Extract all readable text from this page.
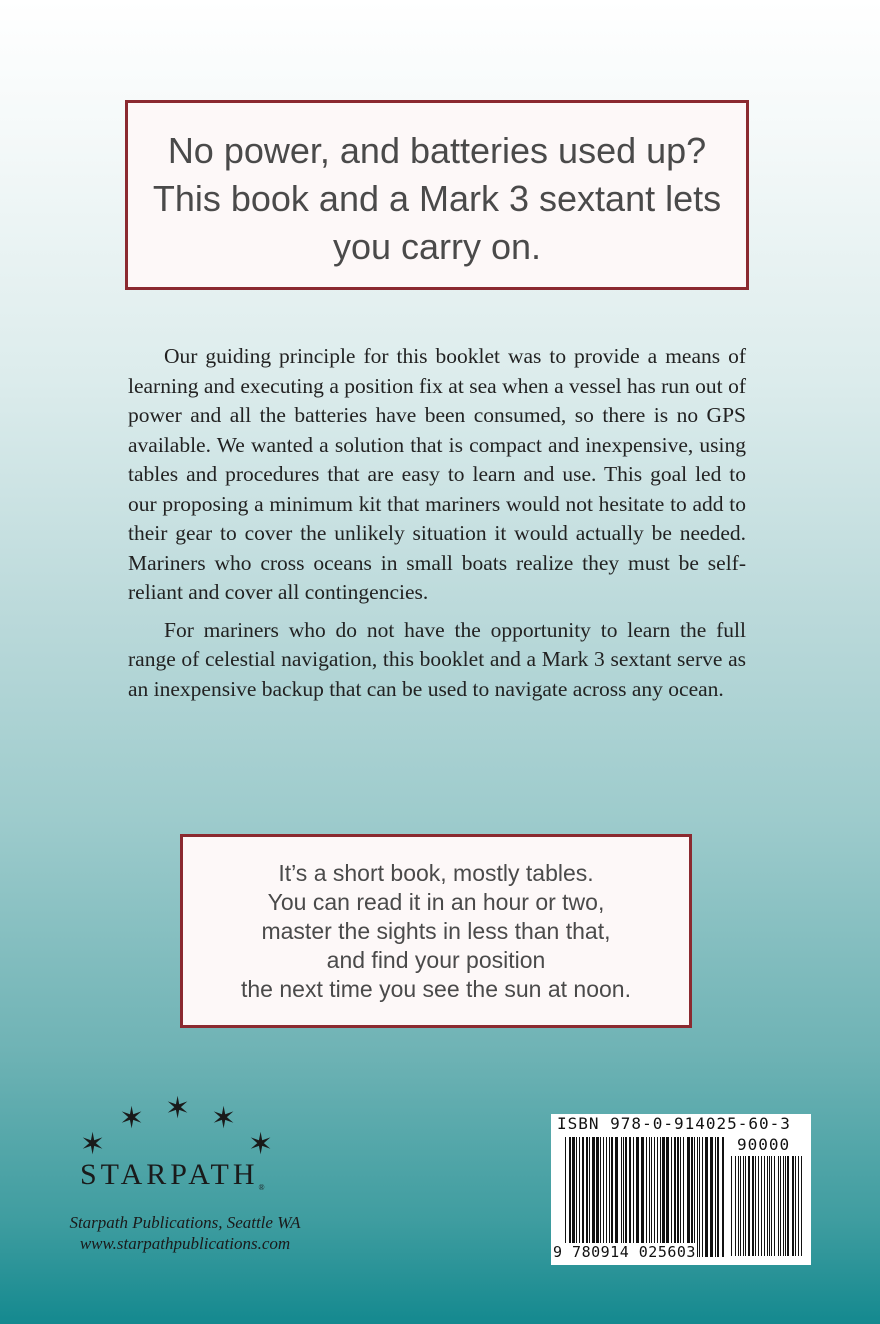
No power, and batteries used up?
This book and a Mark 3 sextant lets
you carry on.

Our guiding principle for this booklet was to provide a means of learning and executing a position fix at sea when a vessel has run out of power and all the batteries have been consumed, so there is no GPS available. We wanted a solution that is compact and inexpensive, using tables and procedures that are easy to learn and use. This goal led to our proposing a minimum kit that mariners would not hesitate to add to their gear to cover the unlikely situation it would actually be needed. Mariners who cross oceans in small boats realize they must be self-reliant and cover all contingencies.

For mariners who do not have the opportunity to learn the full range of celestial navigation, this booklet and a Mark 3 sextant serve as an inexpensive backup that can be used to navigate across any ocean.

It’s a short book, mostly tables.
You can read it in an hour or two,
master the sights in less than that,
and find your position
the next time you see the sun at noon.
✶
✶ ✶ ✶
✶
STARPATH®
Starpath Publications, Seattle WA
www.starpathpublications.com
ISBN 978-0-914025-60-3
90000
9 780914 025603
